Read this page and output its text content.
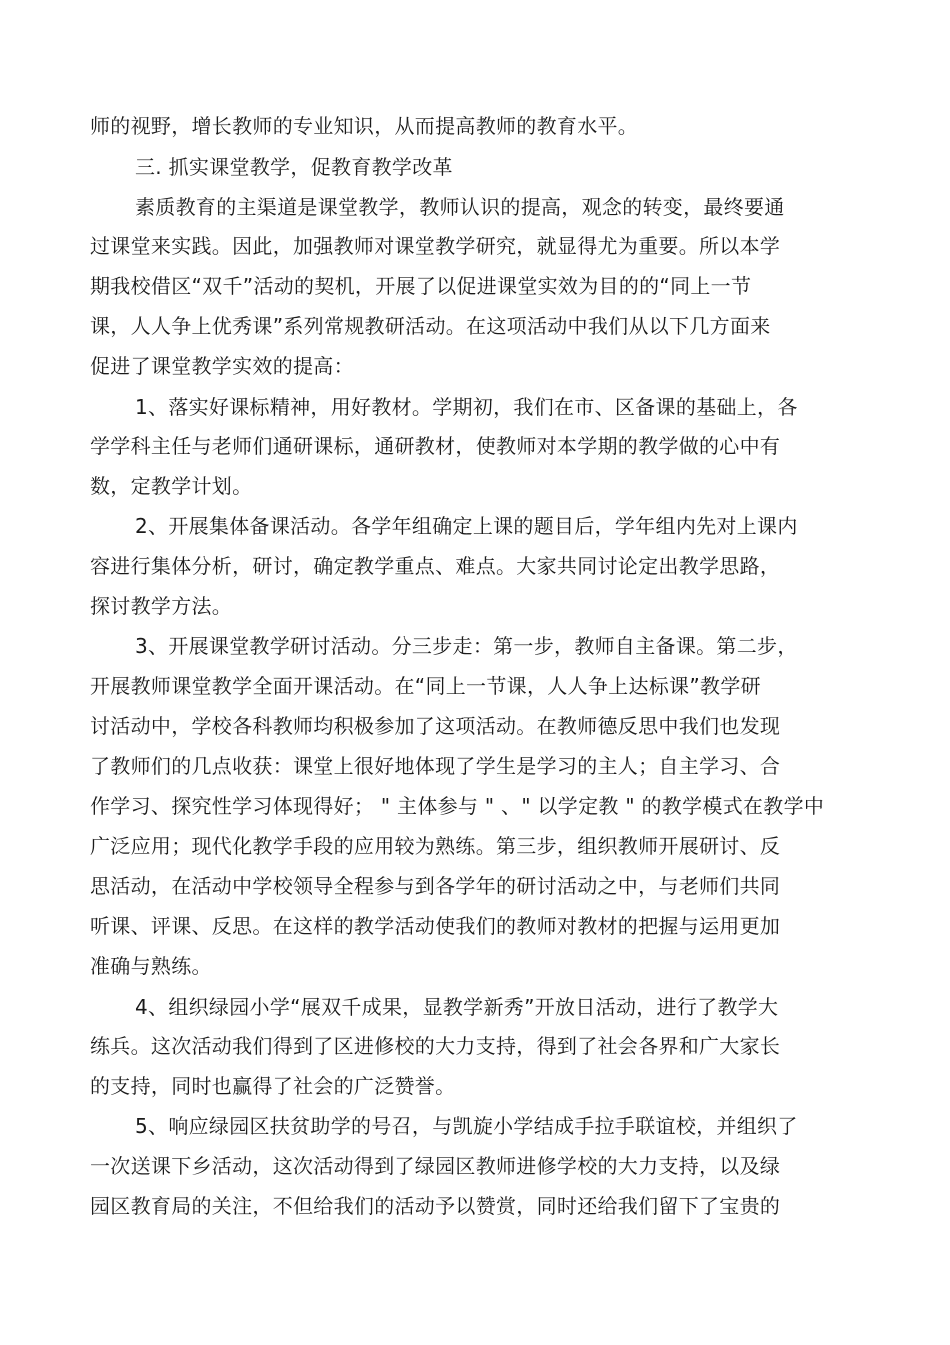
师的视野，增长教师的专业知识，从而提高教师的教育水平。
三. 抓实课堂教学，促教育教学改革
素质教育的主渠道是课堂教学，教师认识的提高，观念的转变，最终要通
过课堂来实践。因此，加强教师对课堂教学研究，就显得尤为重要。所以本学
期我校借区“双千”活动的契机，开展了以促进课堂实效为目的的“同上一节
课，人人争上优秀课”系列常规教研活动。在这项活动中我们从以下几方面来
促进了课堂教学实效的提高：
1、落实好课标精神，用好教材。学期初，我们在市、区备课的基础上，各
学学科主任与老师们通研课标，通研教材，使教师对本学期的教学做的心中有
数，定教学计划。
2、开展集体备课活动。各学年组确定上课的题目后，学年组内先对上课内
容进行集体分析，研讨，确定教学重点、难点。大家共同讨论定出教学思路，
探讨教学方法。
3、开展课堂教学研讨活动。分三步走：第一步，教师自主备课。第二步，
开展教师课堂教学全面开课活动。在“同上一节课，人人争上达标课”教学研
讨活动中，学校各科教师均积极参加了这项活动。在教师德反思中我们也发现
了教师们的几点收获：课堂上很好地体现了学生是学习的主人；自主学习、合
作学习、探究性学习体现得好； " 主体参与 " 、" 以学定教 " 的教学模式在教学中
广泛应用；现代化教学手段的应用较为熟练。第三步，组织教师开展研讨、反
思活动，在活动中学校领导全程参与到各学年的研讨活动之中，与老师们共同
听课、评课、反思。在这样的教学活动使我们的教师对教材的把握与运用更加
准确与熟练。
4、组织绿园小学“展双千成果，显教学新秀”开放日活动，进行了教学大
练兵。这次活动我们得到了区进修校的大力支持，得到了社会各界和广大家长
的支持，同时也赢得了社会的广泛赞誉。
5、响应绿园区扶贫助学的号召，与凯旋小学结成手拉手联谊校，并组织了
一次送课下乡活动，这次活动得到了绿园区教师进修学校的大力支持，以及绿
园区教育局的关注，不但给我们的活动予以赞赏，同时还给我们留下了宝贵的
